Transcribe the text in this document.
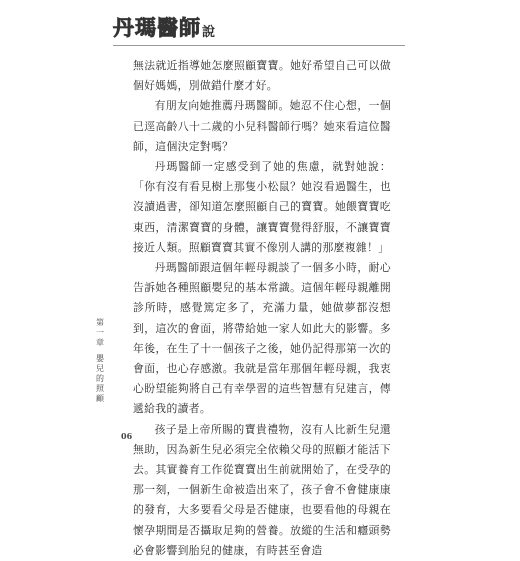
丹瑪醫師 說

無法就近指導她怎麼照顧寶寶。她好希望自己可以做個好媽媽，別做錯什麼才好。

有朋友向她推薦丹瑪醫師。她忍不住心想，一個已逕高齡八十二歲的小兒科醫師行嗎？她來看這位醫師，這個決定對嗎？

丹瑪醫師一定感受到了她的焦慮，就對她說：「你有沒有看見樹上那隻小松鼠？她沒看過醫生，也沒讀過書，卻知道怎麼照顧自己的寶寶。她餵寶寶吃東西，清潔寶寶的身體，讓寶寶覺得舒服，不讓寶寶接近人類。照顧寶寶其實不像別人講的那麼複雜！」

丹瑪醫師跟這個年輕母親談了一個多小時，耐心告訴她各種照顧嬰兒的基本常識。這個年輕母親離開診所時，感覺篤定多了，充滿力量，她做夢都沒想到，這次的會面，將帶給她一家人如此大的影響。多年後，在生了十一個孩子之後，她仍記得那第一次的會面，也心存感激。我就是當年那個年輕母親，我衷心盼望能夠將自己有幸學習的這些智慧有兒建言，傳遞給我的讀者。

孩子是上帝所賜的寶貴禮物，沒有人比新生兒還無助，因為新生兒必須完全依賴父母的照顧才能活下去。其實養育工作從寶寶出生前就開始了，在受孕的那一刻，一個新生命被造出來了，孩子會不會健康康的發育，大多要看父母是否健康，也要看他的母親在懷孕期間是否攝取足夠的營養。放縱的生活和癮頭勢必會影響到胎兒的健康，有時甚至會造

第一章
嬰兒的照顧
06
